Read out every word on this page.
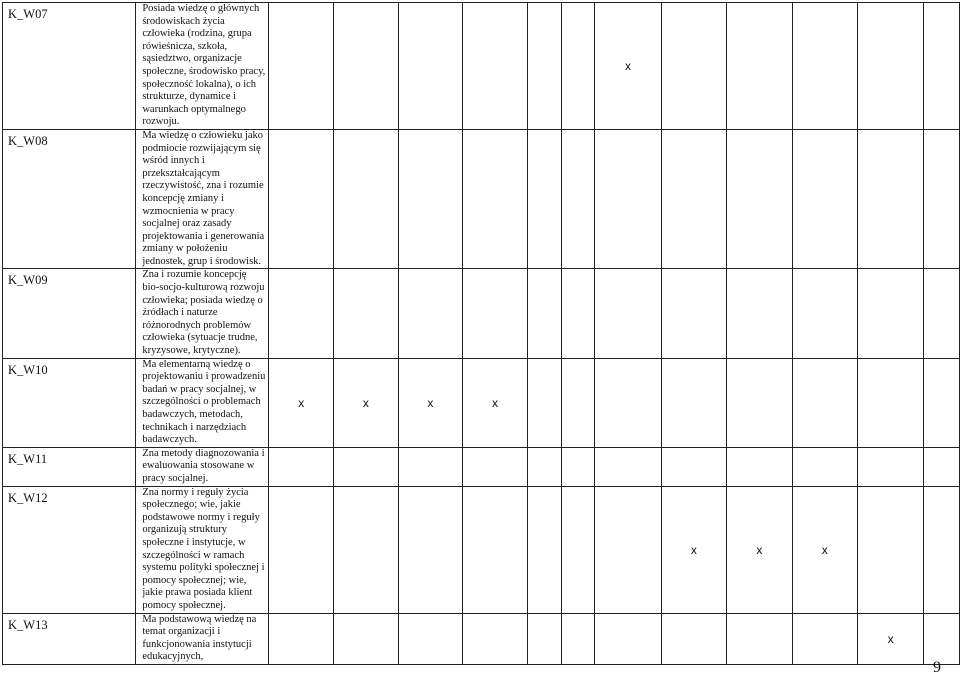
K_W07	Posiada wiedzę o głównych środowiskach życia człowieka (rodzina, grupa rówieśnicza, szkoła, sąsiedztwo, organizacje społeczne, środowisko pracy, społeczność lokalna), o ich strukturze, dynamice i warunkach optymalnego rozwoju.							x					
K_W08	Ma wiedzę o człowieku jako podmiocie rozwijającym się wśród innych i przekształcającym rzeczywistość, zna i rozumie koncepcję zmiany i wzmocnienia w pracy socjalnej oraz zasady projektowania i generowania zmiany w położeniu jednostek, grup i środowisk.												
K_W09	Zna i rozumie koncepcję bio-socjo-kulturową rozwoju człowieka; posiada wiedzę o źródłach i naturze różnorodnych problemów człowieka (sytuacje trudne, kryzysowe, krytyczne).												
K_W10	Ma elementarną wiedzę o projektowaniu i prowadzeniu badań w pracy socjalnej, w szczególności o problemach badawczych, metodach, technikach i narzędziach badawczych.	x	x	x	x								
K_W11	Zna metody diagnozowania i ewaluowania stosowane w pracy socjalnej.												
K_W12	Zna normy i reguły życia społecznego; wie, jakie podstawowe normy i reguły organizują struktury społeczne i instytucje, w szczególności w ramach systemu polityki społecznej i pomocy społecznej; wie, jakie prawa posiada klient pomocy społecznej.								x	x	x		
K_W13	Ma podstawową wiedzę na temat organizacji i funkcjonowania instytucji edukacyjnych,											x	
9
